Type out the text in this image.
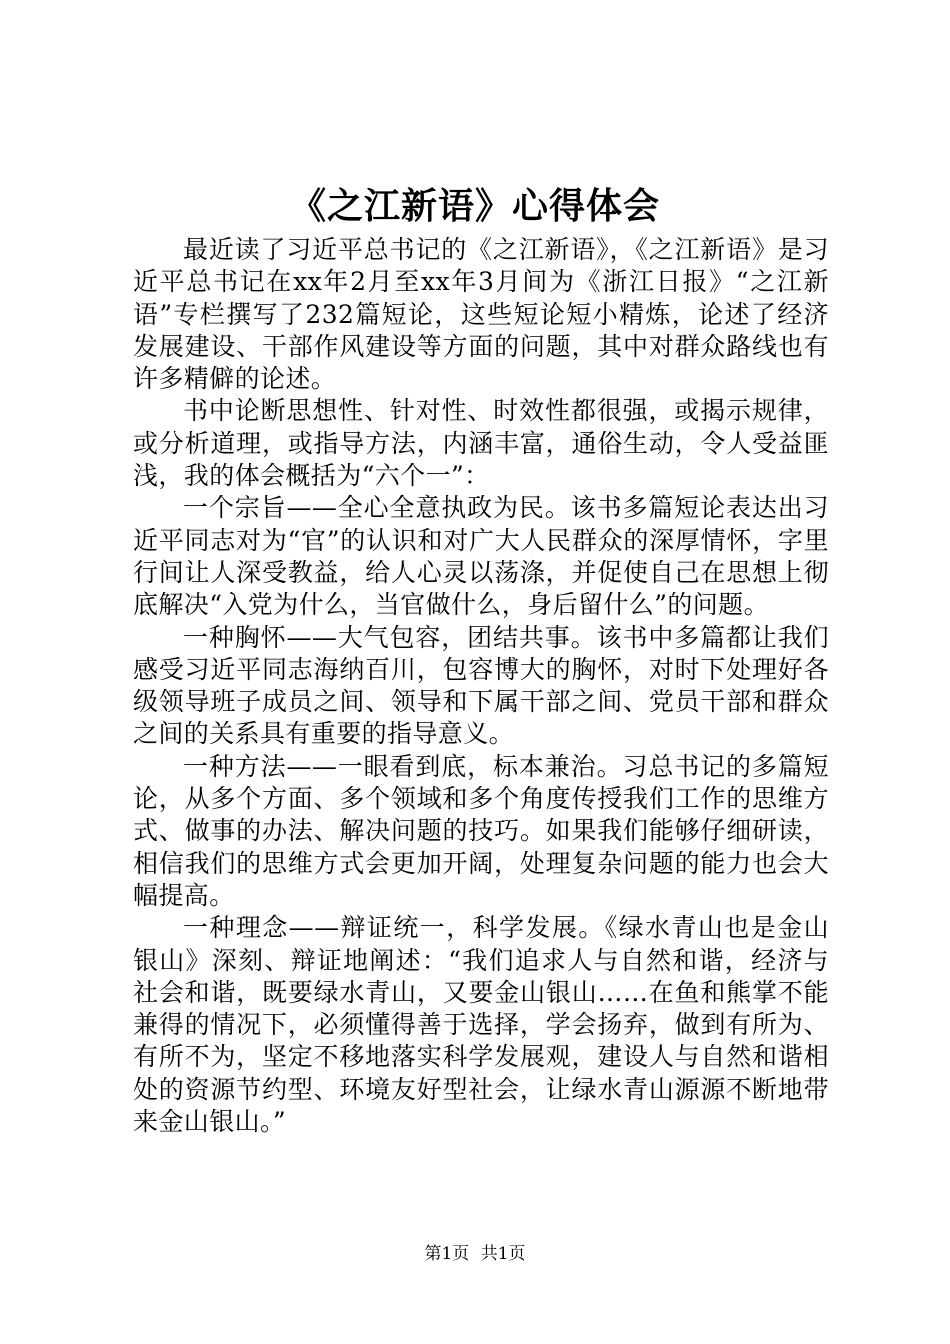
《之江新语》心得体会

最近读了习近平总书记的《之江新语》，《之江新语》是习近平总书记在xx年2月至xx年3月间为《浙江日报》“之江新语”专栏撰写了232篇短论，这些短论短小精炼，论述了经济发展建设、干部作风建设等方面的问题，其中对群众路线也有许多精僻的论述。

书中论断思想性、针对性、时效性都很强，或揭示规律，或分析道理，或指导方法，内涵丰富，通俗生动，令人受益匪浅，我的体会概括为“六个一”：

一个宗旨——全心全意执政为民。该书多篇短论表达出习近平同志对为“官”的认识和对广大人民群众的深厚情怀，字里行间让人深受教益，给人心灵以荡涤，并促使自己在思想上彻底解决“入党为什么，当官做什么，身后留什么”的问题。

一种胸怀——大气包容，团结共事。该书中多篇都让我们感受习近平同志海纳百川，包容博大的胸怀，对时下处理好各级领导班子成员之间、领导和下属干部之间、党员干部和群众之间的关系具有重要的指导意义。

一种方法——一眼看到底，标本兼治。习总书记的多篇短论，从多个方面、多个领域和多个角度传授我们工作的思维方式、做事的办法、解决问题的技巧。如果我们能够仔细研读，相信我们的思维方式会更加开阔，处理复杂问题的能力也会大幅提高。

一种理念——辩证统一，科学发展。《绿水青山也是金山银山》深刻、辩证地阐述：“我们追求人与自然和谐，经济与社会和谐，既要绿水青山，又要金山银山……在鱼和熊掌不能兼得的情况下，必须懂得善于选择，学会扬弃，做到有所为、有所不为，坚定不移地落实科学发展观，建设人与自然和谐相处的资源节约型、环境友好型社会，让绿水青山源源不断地带来金山银山。”

第1页 共1页
